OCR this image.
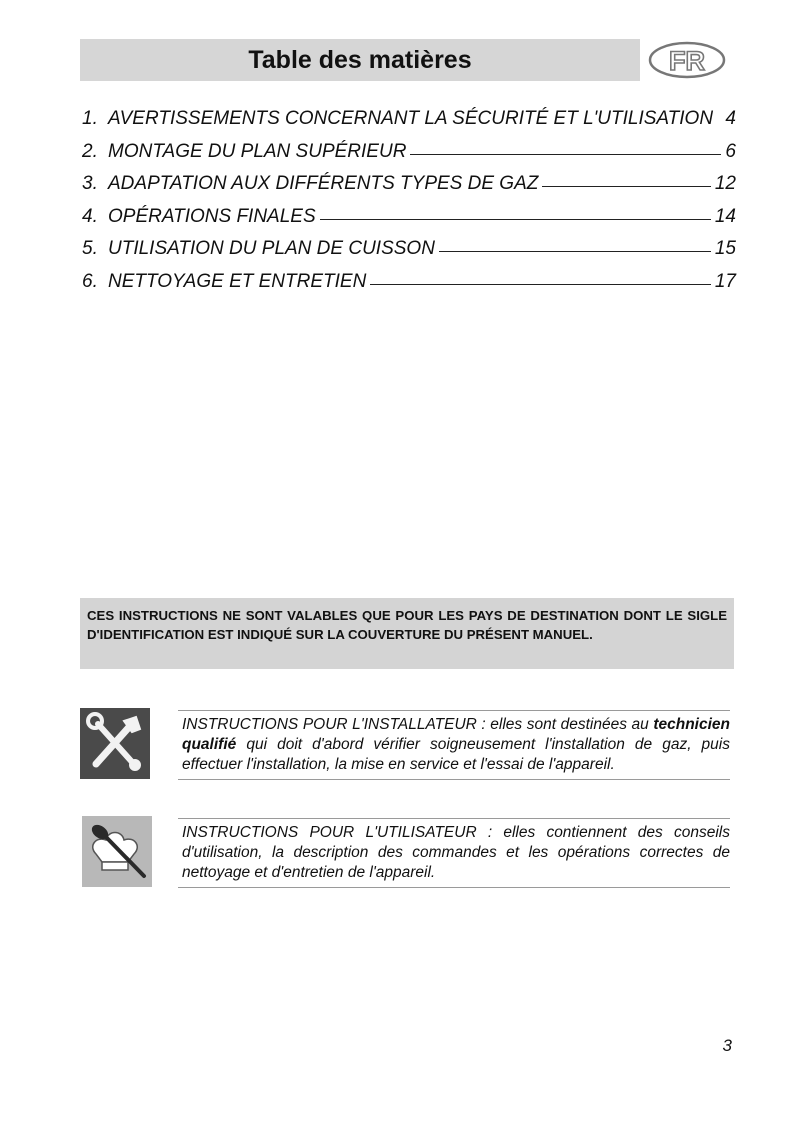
Table des matières	FR
1. AVERTISSEMENTS CONCERNANT LA SÉCURITÉ ET L'UTILISATION 4
2. MONTAGE DU PLAN SUPÉRIEUR	6
3. ADAPTATION AUX DIFFÉRENTS TYPES DE GAZ	12
4. OPÉRATIONS FINALES	14
5. UTILISATION DU PLAN DE CUISSON	15
6. NETTOYAGE ET ENTRETIEN	17
CES INSTRUCTIONS NE SONT VALABLES QUE POUR LES PAYS DE DESTINATION DONT LE SIGLE D'IDENTIFICATION EST INDIQUÉ SUR LA COUVERTURE DU PRÉSENT MANUEL.
INSTRUCTIONS POUR L'INSTALLATEUR : elles sont destinées au technicien qualifié qui doit d'abord vérifier soigneusement l'installation de gaz, puis effectuer l'installation, la mise en service et l'essai de l'appareil.
INSTRUCTIONS POUR L'UTILISATEUR : elles contiennent des conseils d'utilisation, la description des commandes et les opérations correctes de nettoyage et d'entretien de l'appareil.
3
